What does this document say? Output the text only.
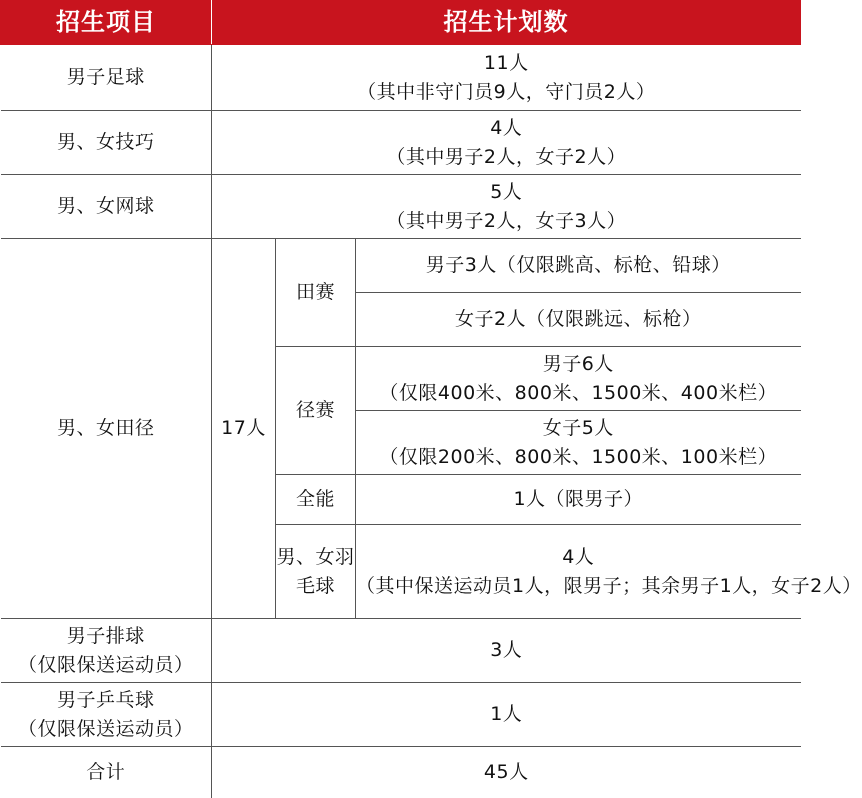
招生项目	招生计划数		
男子足球	11人
（其中非守门员9人，守门员2人）		

男、女技巧	4人
（其中男子2人，女子2人）		

男、女网球	5人
（其中男子2人，女子3人）		

男、女田径	17人	田赛	男子3人（仅限跳高、标枪、铅球）
			女子2人（仅限跳远、标枪）
		径赛	男子6人
（仅限400米、800米、1500米、400米栏）

			女子5人
（仅限200米、800米、1500米、100米栏）

		全能	1人（限男子）
		男、女羽毛球	4人
（其中保送运动员1人，限男子；其余男子1人，女子2人）

男子排球
（仅限保送运动员）	3人		

男子乒乓球
（仅限保送运动员）	1人		
合计	45人		
